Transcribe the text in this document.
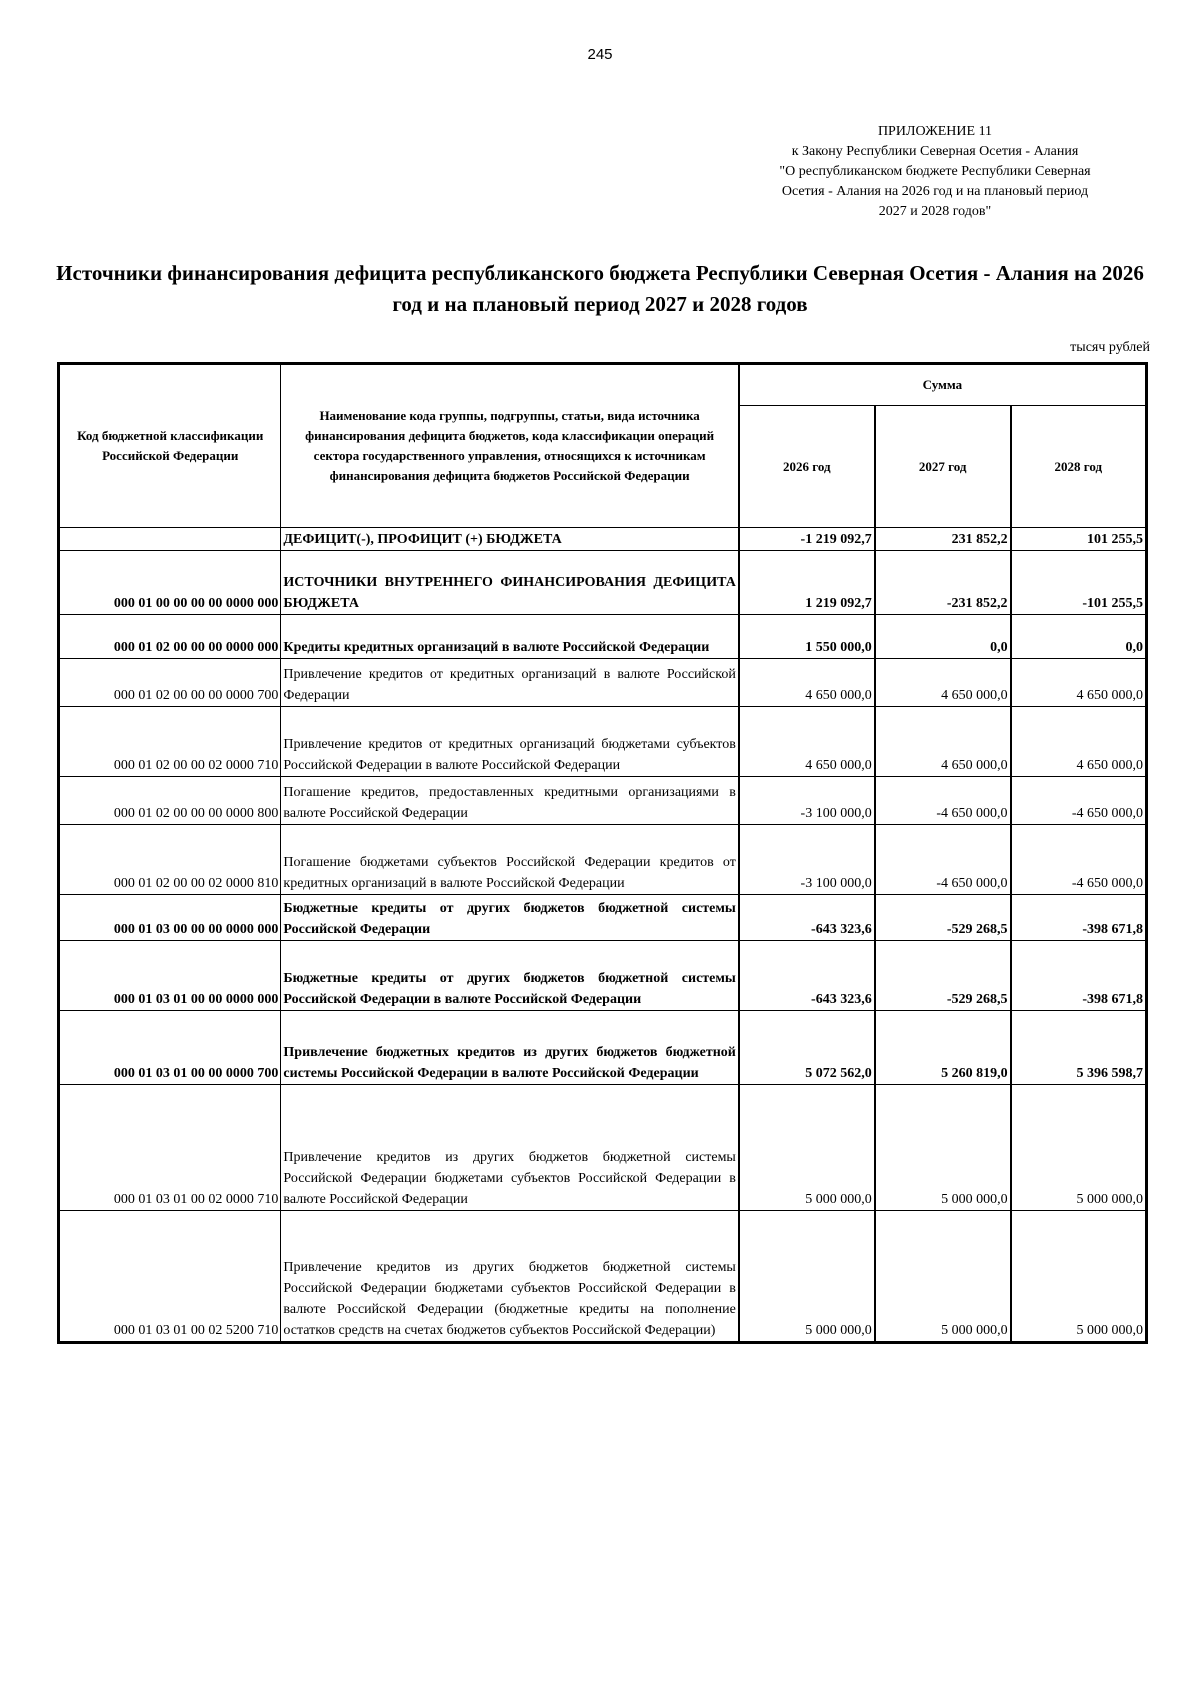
245
ПРИЛОЖЕНИЕ 11
к Закону Республики Северная Осетия - Алания
"О республиканском бюджете Республики Северная
Осетия - Алания на 2026 год и на плановый период
2027 и 2028 годов"
Источники финансирования дефицита республиканского бюджета Республики Северная Осетия - Алания на 2026 год и на плановый период 2027 и 2028 годов
тысяч рублей
Код бюджетной классификации Российской Федерации	Наименование кода группы, подгруппы, статьи, вида источника финансирования дефицита бюджетов, кода классификации операций сектора государственного управления, относящихся к источникам финансирования дефицита бюджетов Российской Федерации	Сумма		
		2026 год	2027 год	2028 год
	ДЕФИЦИТ(-), ПРОФИЦИТ (+) БЮДЖЕТА	-1 219 092,7	231 852,2	101 255,5
000 01 00 00 00 00 0000 000	ИСТОЧНИКИ ВНУТРЕННЕГО ФИНАНСИРОВАНИЯ ДЕФИЦИТА БЮДЖЕТА	1 219 092,7	-231 852,2	-101 255,5
000 01 02 00 00 00 0000 000	Кредиты кредитных организаций в валюте Российской Федерации	1 550 000,0	0,0	0,0
000 01 02 00 00 00 0000 700	Привлечение кредитов от кредитных организаций в валюте Российской Федерации	4 650 000,0	4 650 000,0	4 650 000,0
000 01 02 00 00 02 0000 710	Привлечение кредитов от кредитных организаций бюджетами субъектов Российской Федерации в валюте Российской Федерации	4 650 000,0	4 650 000,0	4 650 000,0
000 01 02 00 00 00 0000 800	Погашение кредитов, предоставленных кредитными организациями в валюте Российской Федерации	-3 100 000,0	-4 650 000,0	-4 650 000,0
000 01 02 00 00 02 0000 810	Погашение бюджетами субъектов Российской Федерации кредитов от кредитных организаций в валюте Российской Федерации	-3 100 000,0	-4 650 000,0	-4 650 000,0
000 01 03 00 00 00 0000 000	Бюджетные кредиты от других бюджетов бюджетной системы Российской Федерации	-643 323,6	-529 268,5	-398 671,8
000 01 03 01 00 00 0000 000	Бюджетные кредиты от других бюджетов бюджетной системы Российской Федерации в валюте Российской Федерации	-643 323,6	-529 268,5	-398 671,8
000 01 03 01 00 00 0000 700	Привлечение бюджетных кредитов из других бюджетов бюджетной системы Российской Федерации в валюте Российской Федерации	5 072 562,0	5 260 819,0	5 396 598,7
000 01 03 01 00 02 0000 710	Привлечение кредитов из других бюджетов бюджетной системы Российской Федерации бюджетами субъектов Российской Федерации в валюте Российской Федерации	5 000 000,0	5 000 000,0	5 000 000,0
000 01 03 01 00 02 5200 710	Привлечение кредитов из других бюджетов бюджетной системы Российской Федерации бюджетами субъектов Российской Федерации в валюте Российской Федерации (бюджетные кредиты на пополнение остатков средств на счетах бюджетов субъектов Российской Федерации)	5 000 000,0	5 000 000,0	5 000 000,0
